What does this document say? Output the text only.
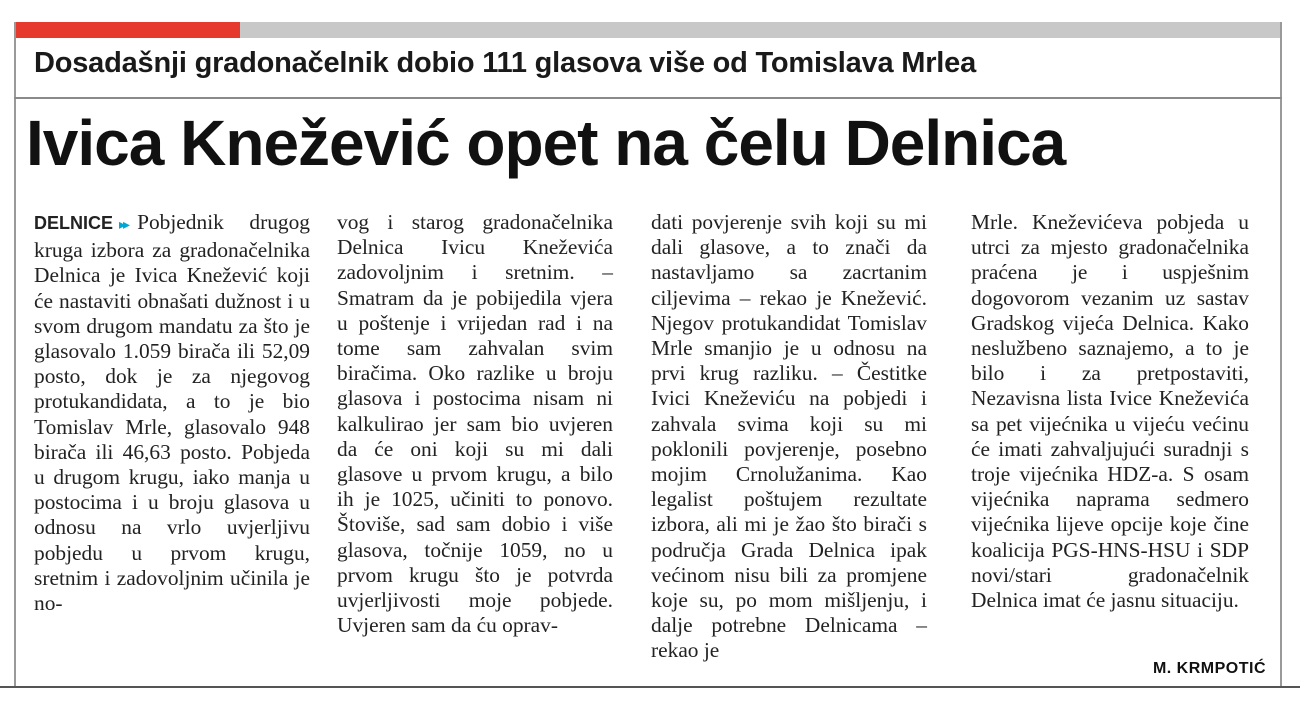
Dosadašnji gradonačelnik dobio 111 glasova više od Tomislava Mrlea
Ivica Knežević opet na čelu Delnica

DELNICE ▸▸ Pobjednik drugog kruga izbora za gradonačelnika Delnica je Ivica Knežević koji će nastaviti obnašati dužnost i u svom drugom mandatu za što je glasovalo 1.059 birača ili 52,09 posto, dok je za njegovog protukandidata, a to je bio Tomislav Mrle, glasovalo 948 birača ili 46,63 posto. Pobjeda u drugom krugu, iako manja u postocima i u broju glasova u odnosu na vrlo uvjerljivu pobjedu u prvom krugu, sretnim i zadovoljnim učinila je no-

vog i starog gradonačelnika Delnica Ivicu Kneževića zadovoljnim i sretnim. – Smatram da je pobijedila vjera u poštenje i vrijedan rad i na tome sam zahvalan svim biračima. Oko razlike u broju glasova i postocima nisam ni kalkulirao jer sam bio uvjeren da će oni koji su mi dali glasove u prvom krugu, a bilo ih je 1025, učiniti to ponovo. Štoviše, sad sam dobio i više glasova, točnije 1059, no u prvom krugu što je potvrda uvjerljivosti moje pobjede. Uvjeren sam da ću oprav-

dati povjerenje svih koji su mi dali glasove, a to znači da nastavljamo sa zacrtanim ciljevima – rekao je Knežević. Njegov protukandidat Tomislav Mrle smanjio je u odnosu na prvi krug razliku. – Čestitke Ivici Kneževiću na pobjedi i zahvala svima koji su mi poklonili povjerenje, posebno mojim Crnolužanima. Kao legalist poštujem rezultate izbora, ali mi je žao što birači s područja Grada Delnica ipak većinom nisu bili za promjene koje su, po mom mišljenju, i dalje potrebne Delnicama – rekao je

Mrle. Kneževićeva pobjeda u utrci za mjesto gradonačelnika praćena je i uspješnim dogovorom vezanim uz sastav Gradskog vijeća Delnica. Kako neslužbeno saznajemo, a to je bilo i za pretpostaviti, Nezavisna lista Ivice Kneževića sa pet vijećnika u vijeću većinu će imati zahvaljujući suradnji s troje vijećnika HDZ-a. S osam vijećnika naprama sedmero vijećnika lijeve opcije koje čine koalicija PGS-HNS-HSU i SDP novi/stari gradonačelnik Delnica imat će jasnu situaciju.

M. KRMPOTIĆ
